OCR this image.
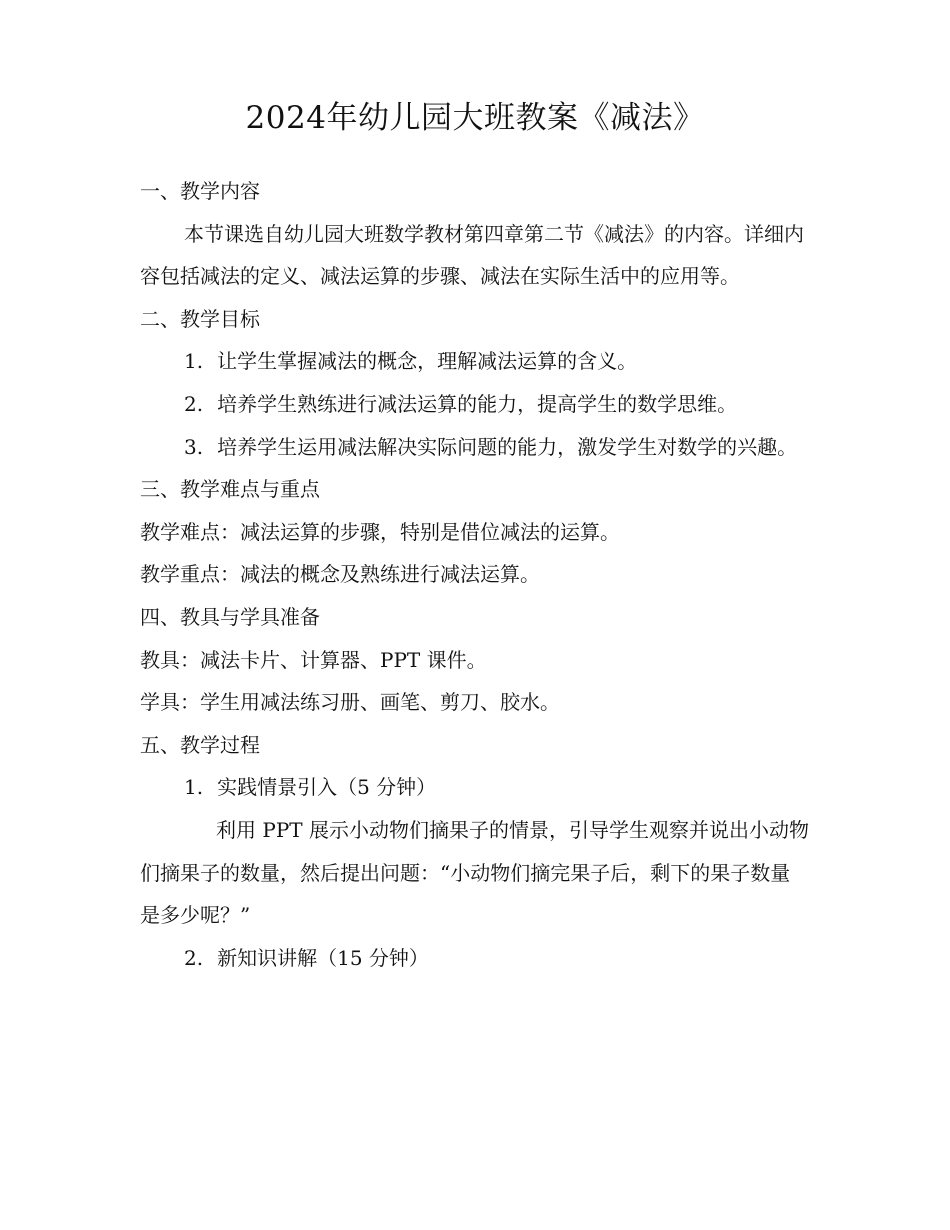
2024年幼儿园大班教案《减法》

一、教学内容

本节课选自幼儿园大班数学教材第四章第二节《减法》的内容。详细内容包括减法的定义、减法运算的步骤、减法在实际生活中的应用等。

二、教学目标

1. 让学生掌握减法的概念，理解减法运算的含义。

2. 培养学生熟练进行减法运算的能力，提高学生的数学思维。

3. 培养学生运用减法解决实际问题的能力，激发学生对数学的兴趣。

三、教学难点与重点

教学难点：减法运算的步骤，特别是借位减法的运算。

教学重点：减法的概念及熟练进行减法运算。

四、教具与学具准备

教具：减法卡片、计算器、PPT 课件。

学具：学生用减法练习册、画笔、剪刀、胶水。

五、教学过程

1. 实践情景引入（5 分钟）

利用 PPT 展示小动物们摘果子的情景，引导学生观察并说出小动物们摘果子的数量，然后提出问题：“小动物们摘完果子后，剩下的果子数量是多少呢？”

2. 新知识讲解（15 分钟）
